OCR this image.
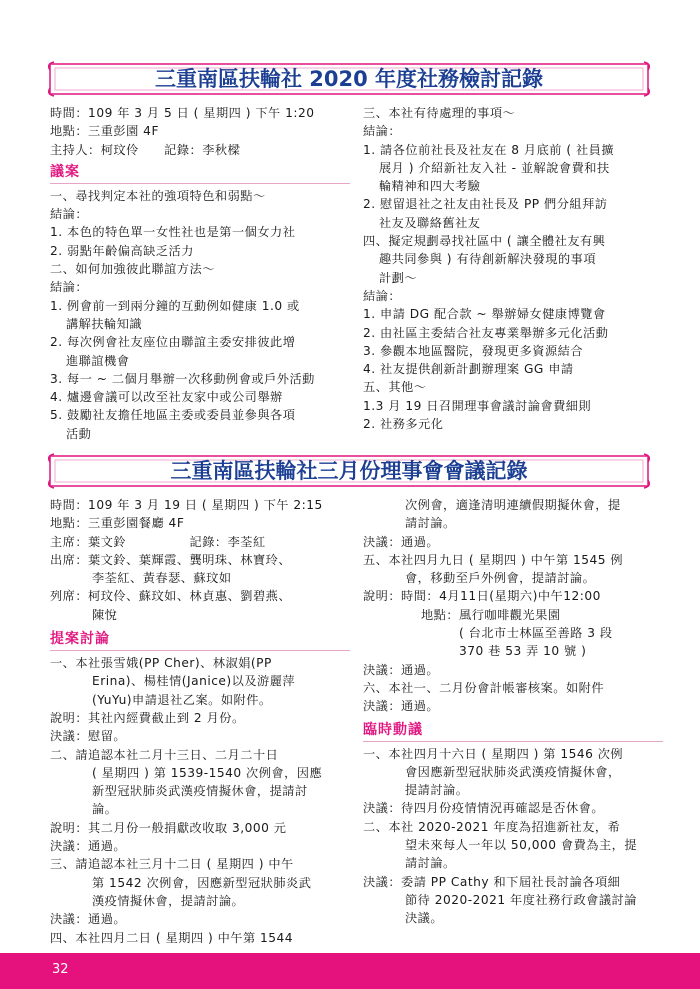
三重南區扶輪社 2020 年度社務檢討記錄
時間：109 年 3 月 5 日 ( 星期四 ) 下午 1:20
地點：三重彭園 4F
主持人：柯玟伶　　記錄：李秋樑
議案
一、尋找判定本社的強項特色和弱點～
結論：
1. 本色的特色單一女性社也是第一個女力社
2. 弱點年齡偏高缺乏活力
二、如何加強彼此聯誼方法～
結論：
1. 例會前一到兩分鐘的互動例如健康 1.0 或
講解扶輪知識
2. 每次例會社友座位由聯誼主委安排彼此增
進聯誼機會
3. 每一 ~ 二個月舉辦一次移動例會或戶外活動
4. 爐邊會議可以改至社友家中或公司舉辦
5. 鼓勵社友擔任地區主委或委員並參與各項
活動
三、本社有待處理的事項～
結論：
1. 請各位前社長及社友在 8 月底前 ( 社員擴
展月 ) 介紹新社友入社 - 並解說會費和扶
輪精神和四大考驗
2. 慰留退社之社友由社長及 PP 們分組拜訪
社友及聯絡舊社友
四、擬定規劃尋找社區中 ( 讓全體社友有興
趣共同參與 ) 有待創新解決發現的事項
計劃～
結論：
1. 申請 DG 配合款 ~ 舉辦婦女健康博覽會
2. 由社區主委結合社友專業舉辦多元化活動
3. 參觀本地區醫院，發現更多資源結合
4. 社友提供創新計劃辦理案 GG 申請
五、其他～
1.3 月 19 日召開理事會議討論會費細則
2. 社務多元化
三重南區扶輪社三月份理事會會議記錄
時間：109 年 3 月 19 日 ( 星期四 ) 下午 2:15
地點：三重彭園餐廳 4F
主席：葉文鈴　　　　　記錄：李荃紅
出席：葉文鈴、葉輝霞、龔明珠、林寶玲、
李荃紅、黃春瑟、蘇玟如
列席：柯玟伶、蘇玟如、林貞惠、劉碧燕、
陳悅
提案討論
一、本社張雪娥(PP Cher)、林淑娟(PP
Erina)、楊桂情(Janice)以及游麗萍
(YuYu)申請退社乙案。如附件。
說明：其社內經費截止到 2 月份。
決議：慰留。
二、請追認本社二月十三日、二月二十日
( 星期四 ) 第 1539-1540 次例會，因應
新型冠狀肺炎武漢疫情擬休會，提請討
論。
說明：其二月份一般捐獻改收取 3,000 元
決議：通過。
三、請追認本社三月十二日 ( 星期四 ) 中午
第 1542 次例會，因應新型冠狀肺炎武
漢疫情擬休會，提請討論。
決議：通過。
四、本社四月二日 ( 星期四 ) 中午第 1544
次例會，適逢清明連續假期擬休會，提
請討論。
決議：通過。
五、本社四月九日 ( 星期四 ) 中午第 1545 例
會，移動至戶外例會，提請討論。
說明：時間：4月11日(星期六)中午12:00
地點：風行咖啡觀光果園
( 台北市士林區至善路 3 段
370 巷 53 弄 10 號 )
決議：通過。
六、本社一、二月份會計帳審核案。如附件
決議：通過。
臨時動議
一、本社四月十六日 ( 星期四 ) 第 1546 次例
會因應新型冠狀肺炎武漢疫情擬休會，
提請討論。
決議：待四月份疫情情況再確認是否休會。
二、本社 2020-2021 年度為招進新社友，希
望未來每人一年以 50,000 會費為主，提
請討論。
決議：委請 PP Cathy 和下屆社長討論各項細
節待 2020-2021 年度社務行政會議討論
決議。
32
